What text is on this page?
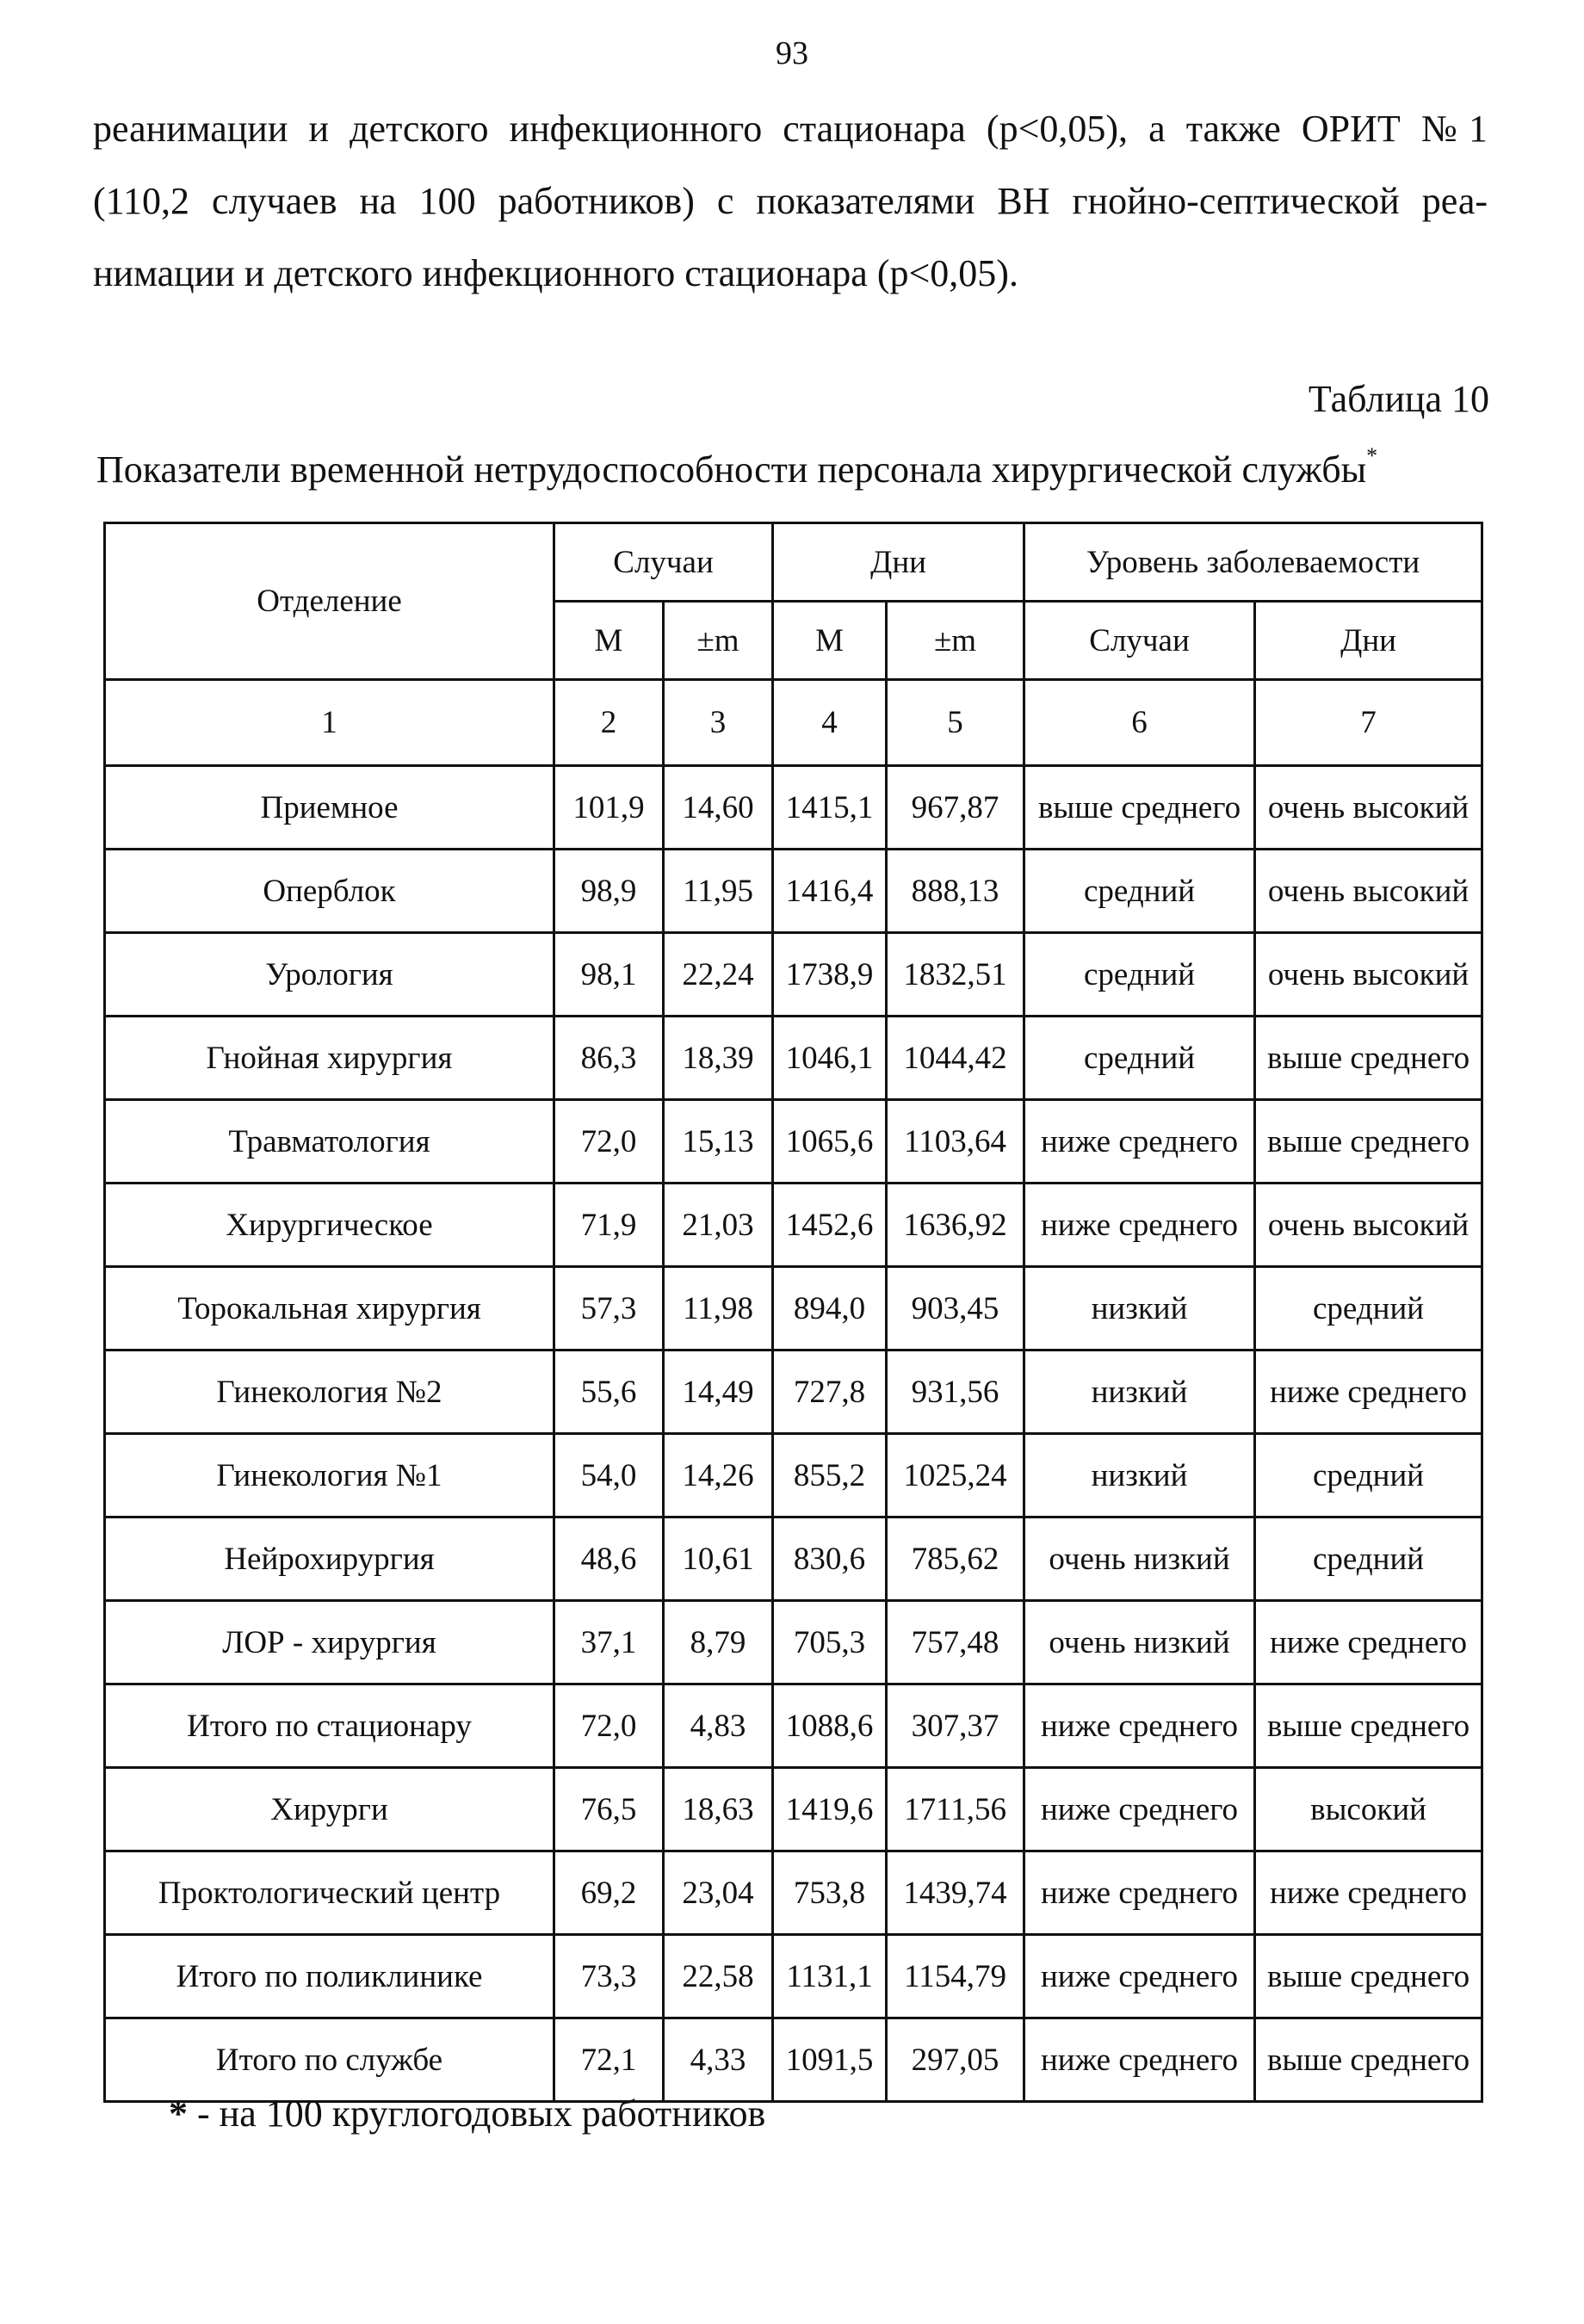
93
реанимации и детского инфекционного стационара (р<0,05), а также ОРИТ №1
(110,2 случаев на 100 работников) с показателями ВН гнойно-септической реа-
нимации и детского инфекционного стационара (р<0,05).
Таблица 10
Показатели временной нетрудоспособности персонала хирургической службы*
Отделение	Случаи		Дни		Уровень заболеваемости	
	М	±m	М	±m	Случаи	Дни
1	2	3	4	5	6	7
Приемное	101,9	14,60	1415,1	967,87	выше среднего	очень высокий
Оперблок	98,9	11,95	1416,4	888,13	средний	очень высокий
Урология	98,1	22,24	1738,9	1832,51	средний	очень высокий
Гнойная хирургия	86,3	18,39	1046,1	1044,42	средний	выше среднего
Травматология	72,0	15,13	1065,6	1103,64	ниже среднего	выше среднего
Хирургическое	71,9	21,03	1452,6	1636,92	ниже среднего	очень высокий
Торокальная хирургия	57,3	11,98	894,0	903,45	низкий	средний
Гинекология №2	55,6	14,49	727,8	931,56	низкий	ниже среднего
Гинекология №1	54,0	14,26	855,2	1025,24	низкий	средний
Нейрохирургия	48,6	10,61	830,6	785,62	очень низкий	средний
ЛОР - хирургия	37,1	8,79	705,3	757,48	очень низкий	ниже среднего
Итого по стационару	72,0	4,83	1088,6	307,37	ниже среднего	выше среднего
Хирурги	76,5	18,63	1419,6	1711,56	ниже среднего	высокий
Проктологический центр	69,2	23,04	753,8	1439,74	ниже среднего	ниже среднего
Итого по поликлинике	73,3	22,58	1131,1	1154,79	ниже среднего	выше среднего
Итого по службе	72,1	4,33	1091,5	297,05	ниже среднего	выше среднего
* - на 100 круглогодовых работников
